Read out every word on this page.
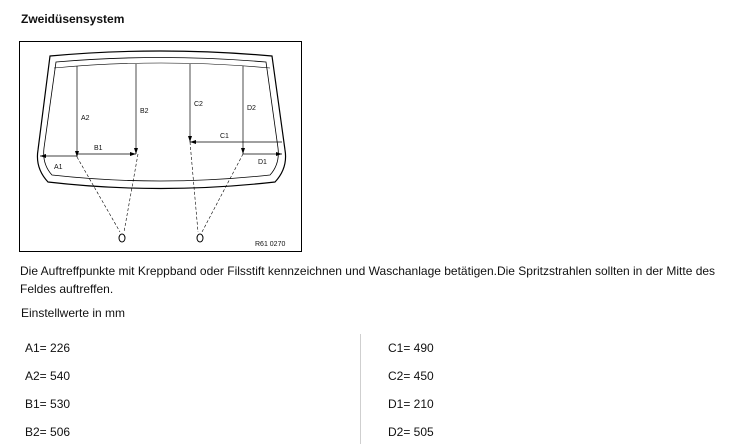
Zweidüsensystem
A2
B2
C2
D2
A1
B1
C1
D1
R61 0270
Die Auftreffpunkte mit Kreppband oder Filsstift kennzeichnen und Waschanlage betätigen.Die Spritzstrahlen sollten in der Mitte des Feldes auftreffen.
Einstellwerte in mm
A1= 226	C1= 490
A2= 540	C2= 450
B1= 530	D1= 210
B2= 506	D2= 505
